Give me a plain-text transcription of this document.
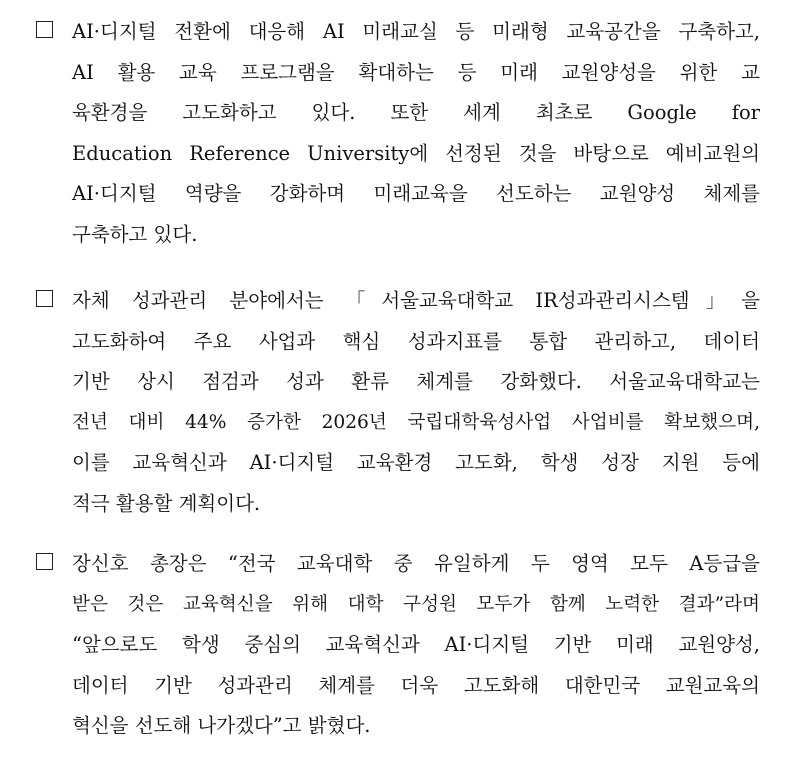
AI·디지털 전환에 대응해 AI 미래교실 등 미래형 교육공간을 구축하고,
AI 활용 교육 프로그램을 확대하는 등 미래 교원양성을 위한 교
육환경을 고도화하고 있다. 또한 세계 최초로 Google for
Education Reference University에 선정된 것을 바탕으로 예비교원의
AI·디지털 역량을 강화하며 미래교육을 선도하는 교원양성 체제를
구축하고 있다.
자체 성과관리 분야에서는 「서울교육대학교 IR성과관리시스템」을
고도화하여 주요 사업과 핵심 성과지표를 통합 관리하고, 데이터
기반 상시 점검과 성과 환류 체계를 강화했다. 서울교육대학교는
전년 대비 44% 증가한 2026년 국립대학육성사업 사업비를 확보했으며,
이를 교육혁신과 AI·디지털 교육환경 고도화, 학생 성장 지원 등에
적극 활용할 계획이다.
장신호 총장은 “전국 교육대학 중 유일하게 두 영역 모두 A등급을
받은 것은 교육혁신을 위해 대학 구성원 모두가 함께 노력한 결과”라며
“앞으로도 학생 중심의 교육혁신과 AI·디지털 기반 미래 교원양성,
데이터 기반 성과관리 체계를 더욱 고도화해 대한민국 교원교육의
혁신을 선도해 나가겠다”고 밝혔다.
